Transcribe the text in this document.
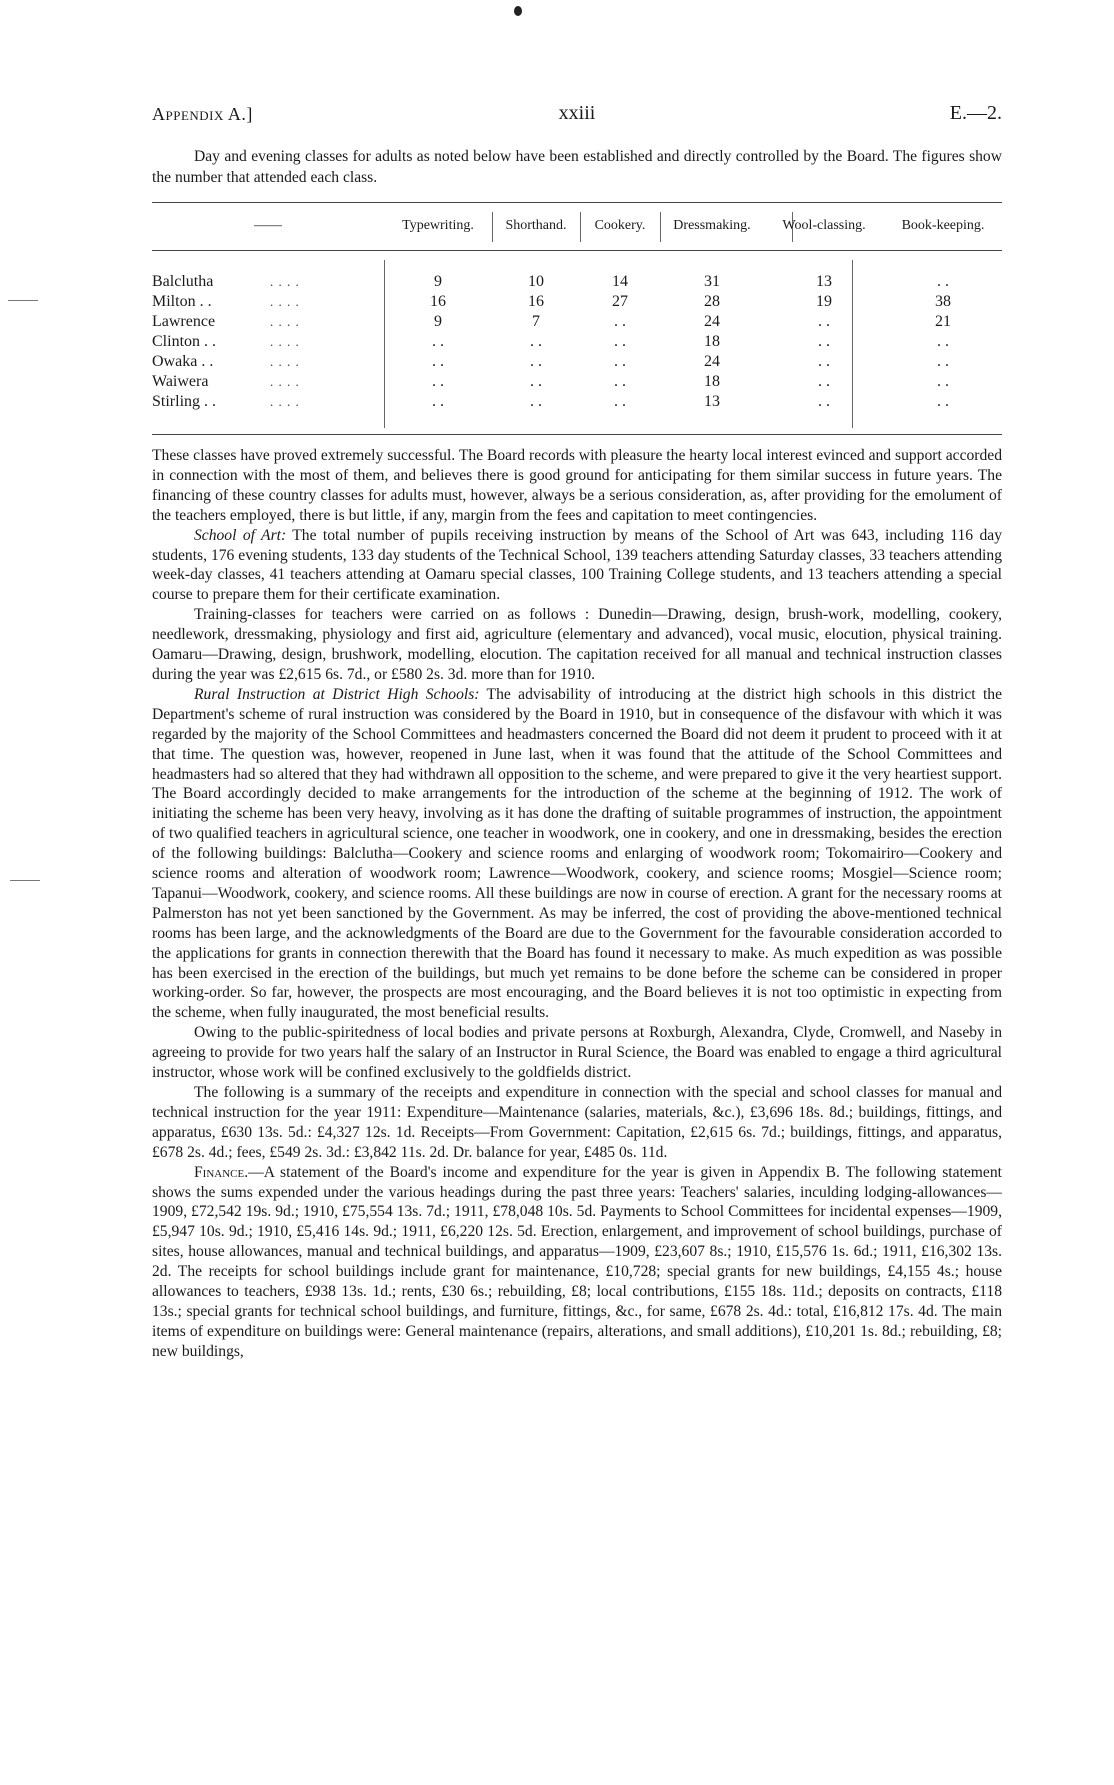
Appendix A.]	xxiii	E.—2.

Day and evening classes for adults as noted below have been established and directly controlled by the Board. The figures show the number that attended each class.

——		Typewriting.	Shorthand.	Cookery.	Dressmaking.	Wool-classing.	Book-keeping.

Balclutha	. . . .	9	10	14	31	13	. .
Milton . .	. . . .	16	16	27	28	19	38
Lawrence	. . . .	9	7	. .	24	. .	21
Clinton . .	. . . .	. .	. .	. .	18	. .	. .
Owaka . .	. . . .	. .	. .	. .	24	. .	. .
Waiwera	. . . .	. .	. .	. .	18	. .	. .
Stirling . .	. . . .	. .	. .	. .	13	. .	. .

These classes have proved extremely successful. The Board records with pleasure the hearty local interest evinced and support accorded in connection with the most of them, and believes there is good ground for anticipating for them similar success in future years. The financing of these country classes for adults must, however, always be a serious consideration, as, after providing for the emolument of the teachers employed, there is but little, if any, margin from the fees and capitation to meet contingencies.

School of Art: The total number of pupils receiving instruction by means of the School of Art was 643, including 116 day students, 176 evening students, 133 day students of the Technical School, 139 teachers attending Saturday classes, 33 teachers attending week-day classes, 41 teachers attending at Oamaru special classes, 100 Training College students, and 13 teachers attending a special course to prepare them for their certificate examination.

Training-classes for teachers were carried on as follows : Dunedin—Drawing, design, brush-work, modelling, cookery, needlework, dressmaking, physiology and first aid, agriculture (elementary and advanced), vocal music, elocution, physical training. Oamaru—Drawing, design, brushwork, modelling, elocution. The capitation received for all manual and technical instruction classes during the year was £2,615 6s. 7d., or £580 2s. 3d. more than for 1910.

Rural Instruction at District High Schools: The advisability of introducing at the district high schools in this district the Department's scheme of rural instruction was considered by the Board in 1910, but in consequence of the disfavour with which it was regarded by the majority of the School Committees and headmasters concerned the Board did not deem it prudent to proceed with it at that time. The question was, however, reopened in June last, when it was found that the attitude of the School Committees and headmasters had so altered that they had withdrawn all opposition to the scheme, and were prepared to give it the very heartiest support. The Board accordingly decided to make arrangements for the introduction of the scheme at the beginning of 1912. The work of initiating the scheme has been very heavy, involving as it has done the drafting of suitable programmes of instruction, the appointment of two qualified teachers in agricultural science, one teacher in woodwork, one in cookery, and one in dressmaking, besides the erection of the following buildings: Balclutha—Cookery and science rooms and enlarging of woodwork room; Tokomairiro—Cookery and science rooms and alteration of woodwork room; Lawrence—Woodwork, cookery, and science rooms; Mosgiel—Science room; Tapanui—Woodwork, cookery, and science rooms. All these buildings are now in course of erection. A grant for the necessary rooms at Palmerston has not yet been sanctioned by the Government. As may be inferred, the cost of providing the above-mentioned technical rooms has been large, and the acknowledgments of the Board are due to the Government for the favourable consideration accorded to the applications for grants in connection therewith that the Board has found it necessary to make. As much expedition as was possible has been exercised in the erection of the buildings, but much yet remains to be done before the scheme can be considered in proper working-order. So far, however, the prospects are most encouraging, and the Board believes it is not too optimistic in expecting from the scheme, when fully inaugurated, the most beneficial results.

Owing to the public-spiritedness of local bodies and private persons at Roxburgh, Alexandra, Clyde, Cromwell, and Naseby in agreeing to provide for two years half the salary of an Instructor in Rural Science, the Board was enabled to engage a third agricultural instructor, whose work will be confined exclusively to the goldfields district.

The following is a summary of the receipts and expenditure in connection with the special and school classes for manual and technical instruction for the year 1911: Expenditure—Maintenance (salaries, materials, &c.), £3,696 18s. 8d.; buildings, fittings, and apparatus, £630 13s. 5d.: £4,327 12s. 1d. Receipts—From Government: Capitation, £2,615 6s. 7d.; buildings, fittings, and apparatus, £678 2s. 4d.; fees, £549 2s. 3d.: £3,842 11s. 2d. Dr. balance for year, £485 0s. 11d.

Finance.—A statement of the Board's income and expenditure for the year is given in Appendix B. The following statement shows the sums expended under the various headings during the past three years: Teachers' salaries, inculding lodging-allowances—1909, £72,542 19s. 9d.; 1910, £75,554 13s. 7d.; 1911, £78,048 10s. 5d. Payments to School Committees for incidental expenses—1909, £5,947 10s. 9d.; 1910, £5,416 14s. 9d.; 1911, £6,220 12s. 5d. Erection, enlargement, and improvement of school buildings, purchase of sites, house allowances, manual and technical buildings, and apparatus—1909, £23,607 8s.; 1910, £15,576 1s. 6d.; 1911, £16,302 13s. 2d. The receipts for school buildings include grant for maintenance, £10,728; special grants for new buildings, £4,155 4s.; house allowances to teachers, £938 13s. 1d.; rents, £30 6s.; rebuilding, £8; local contributions, £155 18s. 11d.; deposits on contracts, £118 13s.; special grants for technical school buildings, and furniture, fittings, &c., for same, £678 2s. 4d.: total, £16,812 17s. 4d. The main items of expenditure on buildings were: General maintenance (repairs, alterations, and small additions), £10,201 1s. 8d.; rebuilding, £8; new buildings,
